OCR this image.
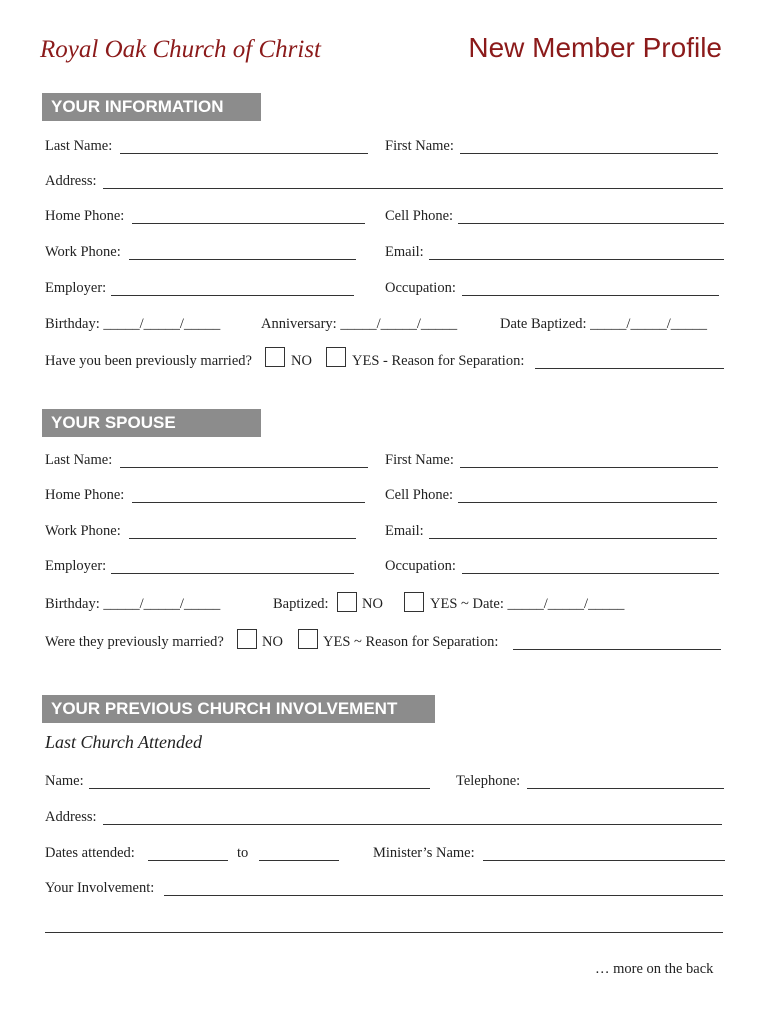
Royal Oak Church of Christ	New Member Profile
YOUR INFORMATION
Last Name:	First Name:
Address:
Home Phone:	Cell Phone:
Work Phone:	Email:
Employer:	Occupation:
Birthday: _____/_____/_____	Anniversary: _____/_____/_____	Date Baptized: _____/_____/_____
Have you been previously married?	NO	YES - Reason for Separation:
YOUR SPOUSE
Last Name:	First Name:
Home Phone:	Cell Phone:
Work Phone:	Email:
Employer:	Occupation:
Birthday: _____/_____/_____	Baptized: NO	YES ~ Date: _____/_____/_____
Were they previously married?	NO	YES ~ Reason for Separation:
YOUR PREVIOUS CHURCH INVOLVEMENT
Last Church Attended
Name:	Telephone:
Address:
Dates attended:	to	Minister’s Name:
Your Involvement:
… more on the back
